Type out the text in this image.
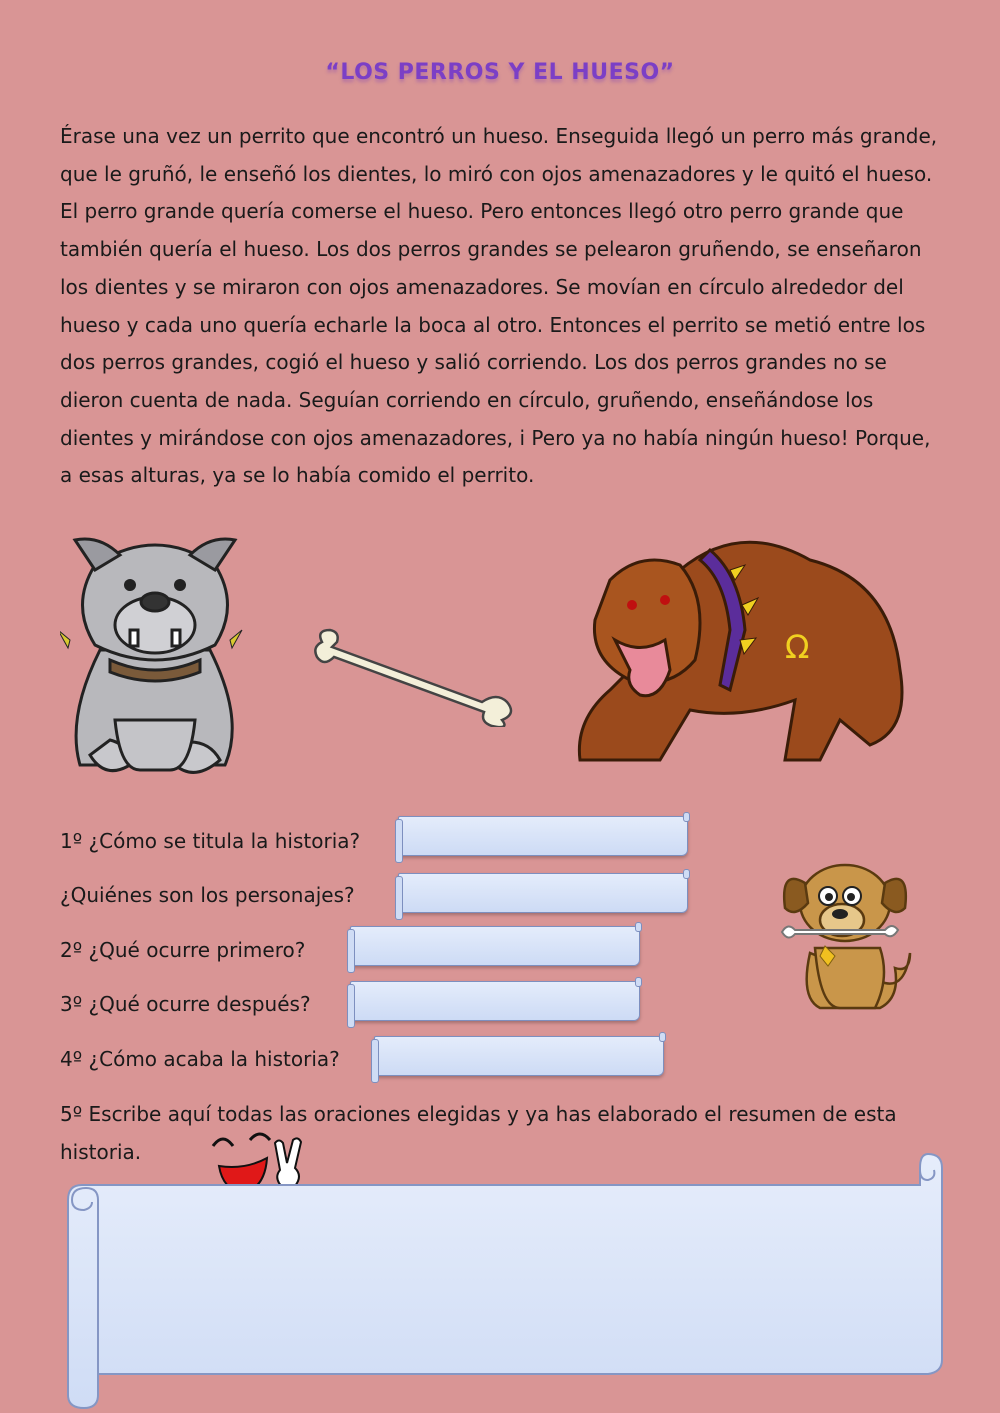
“LOS PERROS Y EL HUESO”

Érase una vez un perrito que encontró un hueso. Enseguida llegó un perro más grande, que le gruñó, le enseñó los dientes, lo miró con ojos amenazadores y le quitó el hueso. El perro grande quería comerse el hueso. Pero entonces llegó otro perro grande que también quería el hueso. Los dos perros grandes se pelearon gruñendo, se enseñaron los dientes y se miraron con ojos amenazadores. Se movían en círculo alrededor del hueso y cada uno quería echarle la boca al otro. Entonces el perrito se metió entre los dos perros grandes, cogió el hueso y salió corriendo. Los dos perros grandes no se dieron cuenta de nada. Seguían corriendo en círculo, gruñendo, enseñándose los dientes y mirándose con ojos amenazadores, i Pero ya no había ningún hueso! Porque, a esas alturas, ya se lo había comido el perrito.

Ω
1º ¿Cómo se titula la historia?
¿Quiénes son los personajes?
2º ¿Qué ocurre primero?
3º ¿Qué ocurre después?
4º ¿Cómo acaba la historia?
5º Escribe aquí todas las oraciones elegidas y ya has elaborado el resumen de esta historia.
